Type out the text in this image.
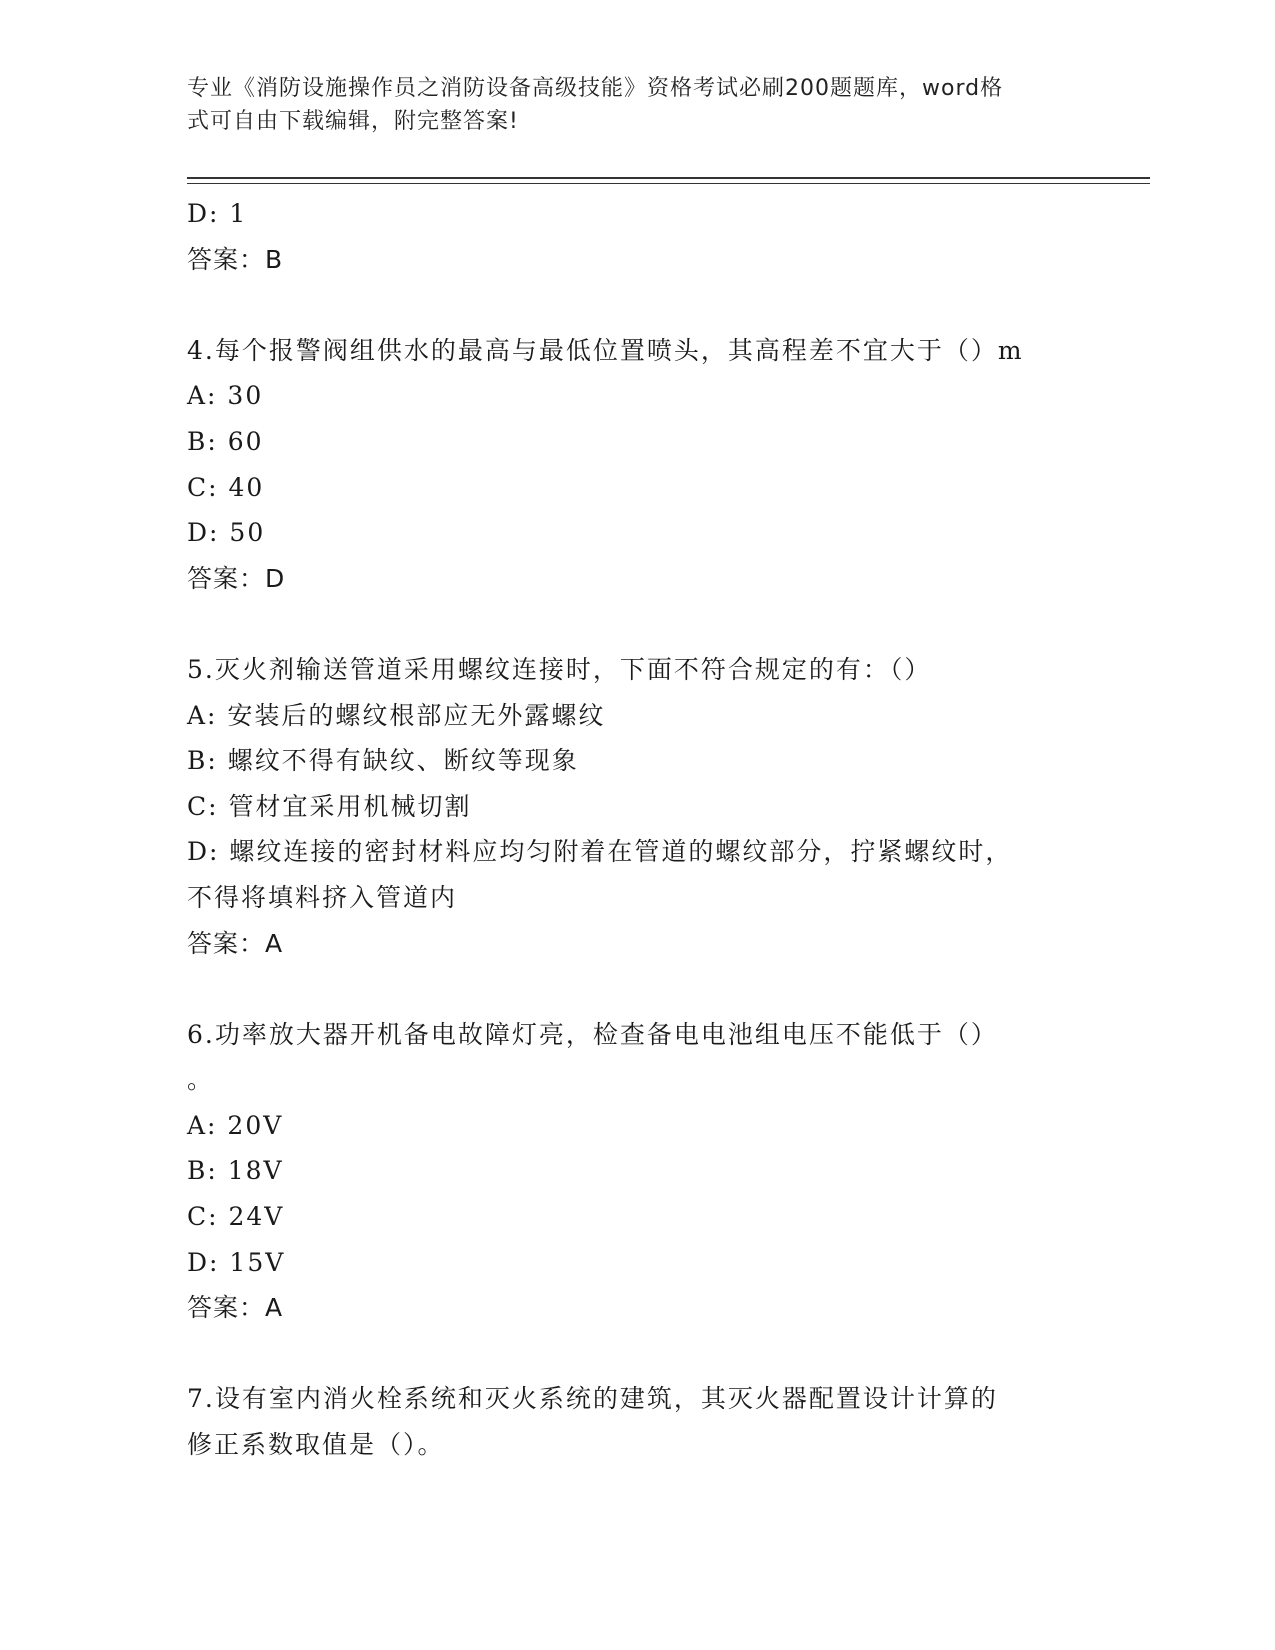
专业《消防设施操作员之消防设备高级技能》资格考试必刷200题题库，word格
式可自由下载编辑，附完整答案!
D: 1
答案：B
4.每个报警阀组供水的最高与最低位置喷头，其高程差不宜大于（）m
A: 30
B: 60
C: 40
D: 50
答案：D
5.灭火剂输送管道采用螺纹连接时，下面不符合规定的有：（）
A: 安装后的螺纹根部应无外露螺纹
B: 螺纹不得有缺纹、断纹等现象
C: 管材宜采用机械切割
D: 螺纹连接的密封材料应均匀附着在管道的螺纹部分，拧紧螺纹时，
不得将填料挤入管道内
答案：A
6.功率放大器开机备电故障灯亮，检查备电电池组电压不能低于（）
。
A: 20V
B: 18V
C: 24V
D: 15V
答案：A
7.设有室内消火栓系统和灭火系统的建筑，其灭火器配置设计计算的
修正系数取值是（）。
